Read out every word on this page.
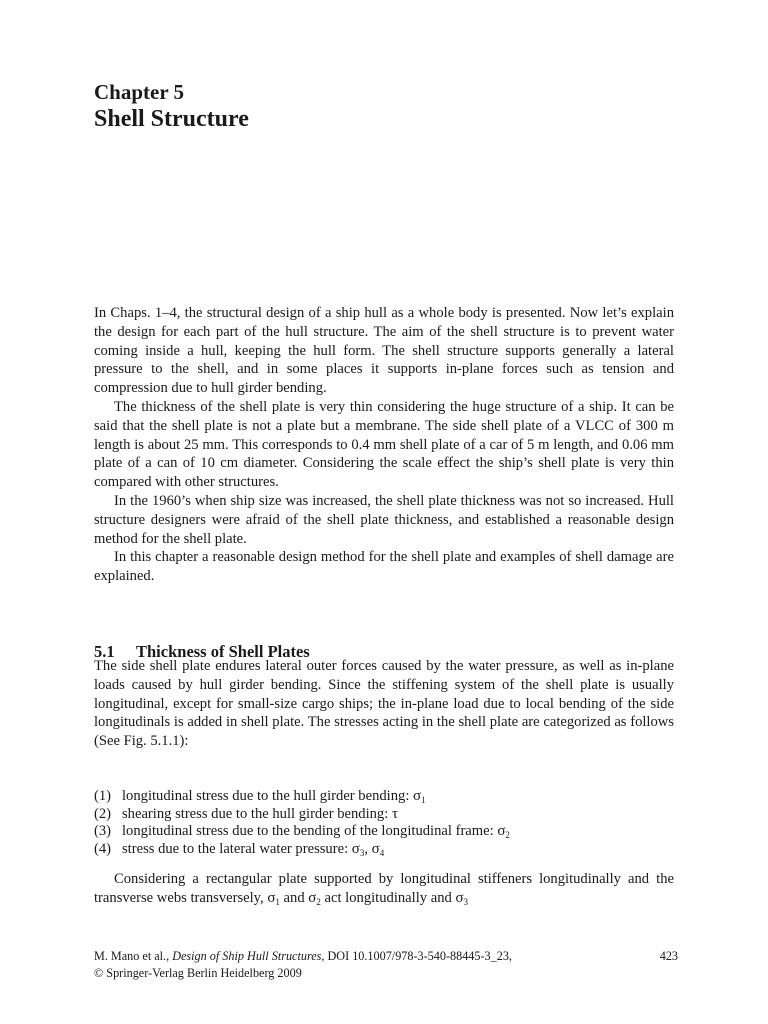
Chapter 5
Shell Structure

In Chaps. 1–4, the structural design of a ship hull as a whole body is presented. Now let’s explain the design for each part of the hull structure. The aim of the shell structure is to prevent water coming inside a hull, keeping the hull form. The shell structure supports generally a lateral pressure to the shell, and in some places it supports in-plane forces such as tension and compression due to hull girder bending.

The thickness of the shell plate is very thin considering the huge structure of a ship. It can be said that the shell plate is not a plate but a membrane. The side shell plate of a VLCC of 300 m length is about 25 mm. This corresponds to 0.4 mm shell plate of a car of 5 m length, and 0.06 mm plate of a can of 10 cm diameter. Considering the scale effect the ship’s shell plate is very thin compared with other structures.

In the 1960’s when ship size was increased, the shell plate thickness was not so increased. Hull structure designers were afraid of the shell plate thickness, and established a reasonable design method for the shell plate.

In this chapter a reasonable design method for the shell plate and examples of shell damage are explained.

5.1 Thickness of Shell Plates

The side shell plate endures lateral outer forces caused by the water pressure, as well as in-plane loads caused by hull girder bending. Since the stiffening system of the shell plate is usually longitudinal, except for small-size cargo ships; the in-plane load due to local bending of the side longitudinals is added in shell plate. The stresses acting in the shell plate are categorized as follows (See Fig. 5.1.1):

(1) longitudinal stress due to the hull girder bending: $\sigma_1$
(2) shearing stress due to the hull girder bending: τ
(3) longitudinal stress due to the bending of the longitudinal frame: $\sigma_2$
(4) stress due to the lateral water pressure: $\sigma_3$, $\sigma_4$

Considering a rectangular plate supported by longitudinal stiffeners longitudinally and the transverse webs transversely, $\sigma_1$ and $\sigma_2$ act longitudinally and $\sigma_3$

M. Mano et al., Design of Ship Hull Structures, DOI 10.1007/978-3-540-88445-3_23,
© Springer-Verlag Berlin Heidelberg 2009
423
